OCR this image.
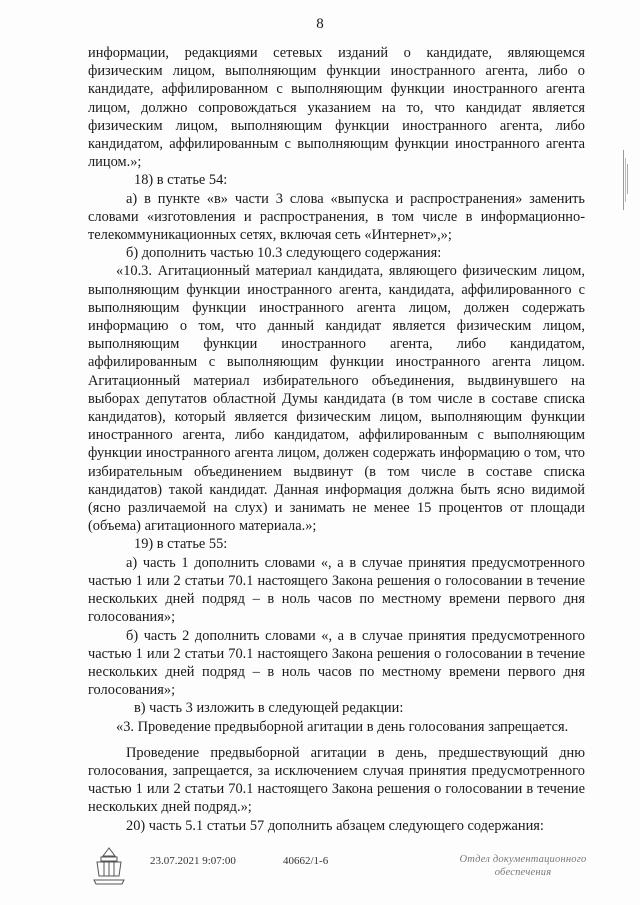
8

информации, редакциями сетевых изданий о кандидате, являющемся физическим лицом, выполняющим функции иностранного агента, либо о кандидате, аффилированном с выполняющим функции иностранного агента лицом, должно сопровождаться указанием на то, что кандидат является физическим лицом, выполняющим функции иностранного агента, либо кандидатом, аффилированным с выполняющим функции иностранного агента лицом.»;

18) в статье 54:

а) в пункте «в» части 3 слова «выпуска и распространения» заменить словами «изготовления и распространения, в том числе в информационно-телекоммуникационных сетях, включая сеть «Интернет»,»;

б) дополнить частью 10.3 следующего содержания:

«10.3. Агитационный материал кандидата, являющего физическим лицом, выполняющим функции иностранного агента, кандидата, аффилированного с выполняющим функции иностранного агента лицом, должен содержать информацию о том, что данный кандидат является физическим лицом, выполняющим функции иностранного агента, либо кандидатом, аффилированным с выполняющим функции иностранного агента лицом. Агитационный материал избирательного объединения, выдвинувшего на выборах депутатов областной Думы кандидата (в том числе в составе списка кандидатов), который является физическим лицом, выполняющим функции иностранного агента, либо кандидатом, аффилированным с выполняющим функции иностранного агента лицом, должен содержать информацию о том, что избирательным объединением выдвинут (в том числе в составе списка кандидатов) такой кандидат. Данная информация должна быть ясно видимой (ясно различаемой на слух) и занимать не менее 15 процентов от площади (объема) агитационного материала.»;

19) в статье 55:

а) часть 1 дополнить словами «, а в случае принятия предусмотренного частью 1 или 2 статьи 70.1 настоящего Закона решения о голосовании в течение нескольких дней подряд – в ноль часов по местному времени первого дня голосования»;

б) часть 2 дополнить словами «, а в случае принятия предусмотренного частью 1 или 2 статьи 70.1 настоящего Закона решения о голосовании в течение нескольких дней подряд – в ноль часов по местному времени первого дня голосования»;

в) часть 3 изложить в следующей редакции:

«3. Проведение предвыборной агитации в день голосования запрещается.

Проведение предвыборной агитации в день, предшествующий дню голосования, запрещается, за исключением случая принятия предусмотренного частью 1 или 2 статьи 70.1 настоящего Закона решения о голосовании в течение нескольких дней подряд.»;

20) часть 5.1 статьи 57 дополнить абзацем следующего содержания:

23.07.2021 9:07:00	40662/1-6	Отдел документационного
обеспечения
